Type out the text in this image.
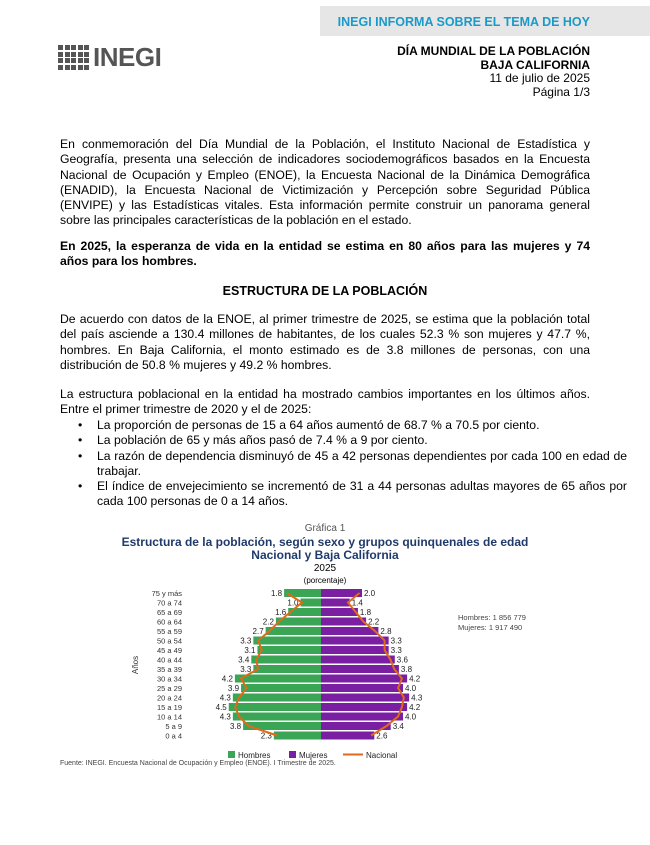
INEGI INFORMA SOBRE EL TEMA DE HOY
INEGI	DÍA MUNDIAL DE LA POBLACIÓN
BAJA CALIFORNIA
11 de julio de 2025
Página 1/3
En conmemoración del Día Mundial de la Población, el Instituto Nacional de Estadística y Geografía, presenta una selección de indicadores sociodemográficos basados en la Encuesta Nacional de Ocupación y Empleo (ENOE), la Encuesta Nacional de la Dinámica Demográfica (ENADID), la Encuesta Nacional de Victimización y Percepción sobre Seguridad Pública (ENVIPE) y las Estadísticas vitales. Esta información permite construir un panorama general sobre las principales características de la población en el estado.
En 2025, la esperanza de vida en la entidad se estima en 80 años para las mujeres y 74 años para los hombres.
ESTRUCTURA DE LA POBLACIÓN
De acuerdo con datos de la ENOE, al primer trimestre de 2025, se estima que la población total del país asciende a 130.4 millones de habitantes, de los cuales 52.3 % son mujeres y 47.7 %, hombres. En Baja California, el monto estimado es de 3.8 millones de personas, con una distribución de 50.8 % mujeres y 49.2 % hombres.
La estructura poblacional en la entidad ha mostrado cambios importantes en los últimos años. Entre el primer trimestre de 2020 y el de 2025:
• La proporción de personas de 15 a 64 años aumentó de 68.7 % a 70.5 por ciento.
• La población de 65 y más años pasó de 7.4 % a 9 por ciento.
• La razón de dependencia disminuyó de 45 a 42 personas dependientes por cada 100 en edad de trabajar.
• El índice de envejecimiento se incrementó de 31 a 44 personas adultas mayores de 65 años por cada 100 personas de 0 a 14 años.
Gráfica 1
Estructura de la población, según sexo y grupos quinquenales de edad
Nacional y Baja California
2025
(porcentaje)
75 y más	1.8	2.0
70 a 74	1.0	1.4
65 a 69	1.6	1.8
60 a 64	2.2	2.2
55 a 59	2.7	2.8
50 a 54	3.3	3.3
45 a 49	3.1	3.3
40 a 44	3.4	3.6
35 a 39	3.3	3.8
30 a 34	4.2	4.2
25 a 29	3.9	4.0
20 a 24	4.3	4.3
15 a 19	4.5	4.2
10 a 14	4.3	4.0
5 a 9	3.8	3.4
0 a 4	2.3	2.6
Años
Hombres: 1 856 779
Mujeres: 1 917 490
Hombres	Mujeres	Nacional
Fuente: INEGI. Encuesta Nacional de Ocupación y Empleo (ENOE). I Trimestre de 2025.
